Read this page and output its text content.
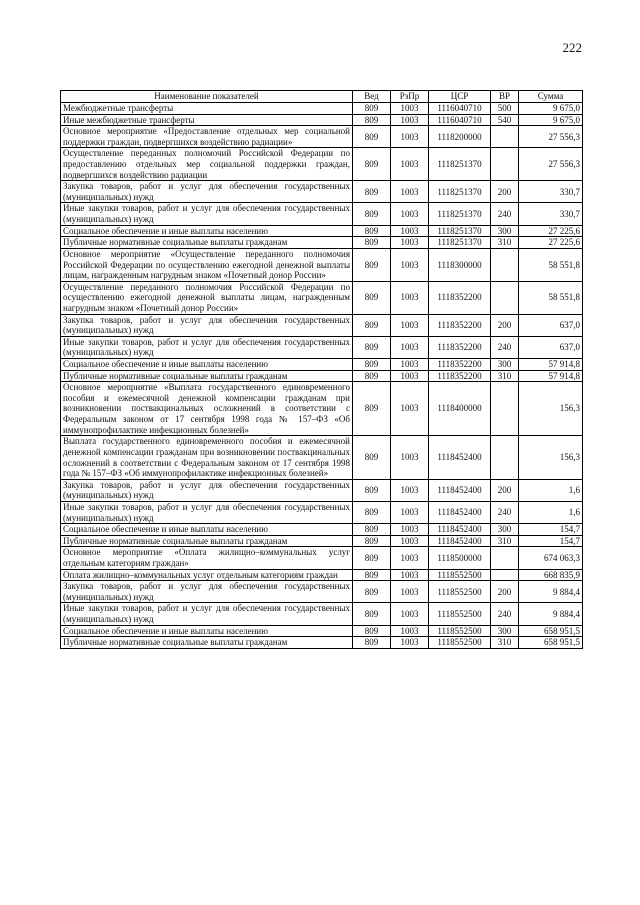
222
Наименование показателей	Вед	РзПр	ЦСР	ВР	Сумма
Межбюджетные трансферты	809	1003	1116040710	500	9 675,0
Иные межбюджетные трансферты	809	1003	1116040710	540	9 675,0
Основное мероприятие «Предоставление отдельных мер социальной поддержки граждан, подвергшихся воздействию радиации»	809	1003	1118200000		27 556,3
Осуществление переданных полномочий Российской Федерации по предоставлению отдельных мер социальной поддержки граждан, подвергшихся воздействию радиации	809	1003	1118251370		27 556,3
Закупка товаров, работ и услуг для обеспечения государственных (муниципальных) нужд	809	1003	1118251370	200	330,7
Иные закупки товаров, работ и услуг для обеспечения государственных (муниципальных) нужд	809	1003	1118251370	240	330,7
Социальное обеспечение и иные выплаты населению	809	1003	1118251370	300	27 225,6
Публичные нормативные социальные выплаты гражданам	809	1003	1118251370	310	27 225,6
Основное мероприятие «Осуществление переданного полномочия Российской Федерации по осуществлению ежегодной денежной выплаты лицам, награжденным нагрудным знаком «Почетный донор России»	809	1003	1118300000		58 551,8
Осуществление переданного полномочия Российской Федерации по осуществлению ежегодной денежной выплаты лицам, награжденным нагрудным знаком «Почетный донор России»	809	1003	1118352200		58 551,8
Закупка товаров, работ и услуг для обеспечения государственных (муниципальных) нужд	809	1003	1118352200	200	637,0
Иные закупки товаров, работ и услуг для обеспечения государственных (муниципальных) нужд	809	1003	1118352200	240	637,0
Социальное обеспечение и иные выплаты населению	809	1003	1118352200	300	57 914,8
Публичные нормативные социальные выплаты гражданам	809	1003	1118352200	310	57 914,8
Основное мероприятие «Выплата государственного единовременного пособия и ежемесячной денежной компенсации гражданам при возникновении поствакцинальных осложнений в соответствии с Федеральным законом от 17 сентября 1998 года № 157–ФЗ «Об иммунопрофилактике инфекционных болезней»	809	1003	1118400000		156,3
Выплата государственного единовременного пособия и ежемесячной денежной компенсации гражданам при возникновении поствакцинальных осложнений в соответствии с Федеральным законом от 17 сентября 1998 года № 157–ФЗ «Об иммунопрофилактике инфекционных болезней»	809	1003	1118452400		156,3
Закупка товаров, работ и услуг для обеспечения государственных (муниципальных) нужд	809	1003	1118452400	200	1,6
Иные закупки товаров, работ и услуг для обеспечения государственных (муниципальных) нужд	809	1003	1118452400	240	1,6
Социальное обеспечение и иные выплаты населению	809	1003	1118452400	300	154,7
Публичные нормативные социальные выплаты гражданам	809	1003	1118452400	310	154,7
Основное мероприятие «Оплата жилищно–коммунальных услуг отдельным категориям граждан»	809	1003	1118500000		674 063,3
Оплата жилищно–коммунальных услуг отдельным категориям граждан	809	1003	1118552500		668 835,9
Закупка товаров, работ и услуг для обеспечения государственных (муниципальных) нужд	809	1003	1118552500	200	9 884,4
Иные закупки товаров, работ и услуг для обеспечения государственных (муниципальных) нужд	809	1003	1118552500	240	9 884,4
Социальное обеспечение и иные выплаты населению	809	1003	1118552500	300	658 951,5
Публичные нормативные социальные выплаты гражданам	809	1003	1118552500	310	658 951,5
